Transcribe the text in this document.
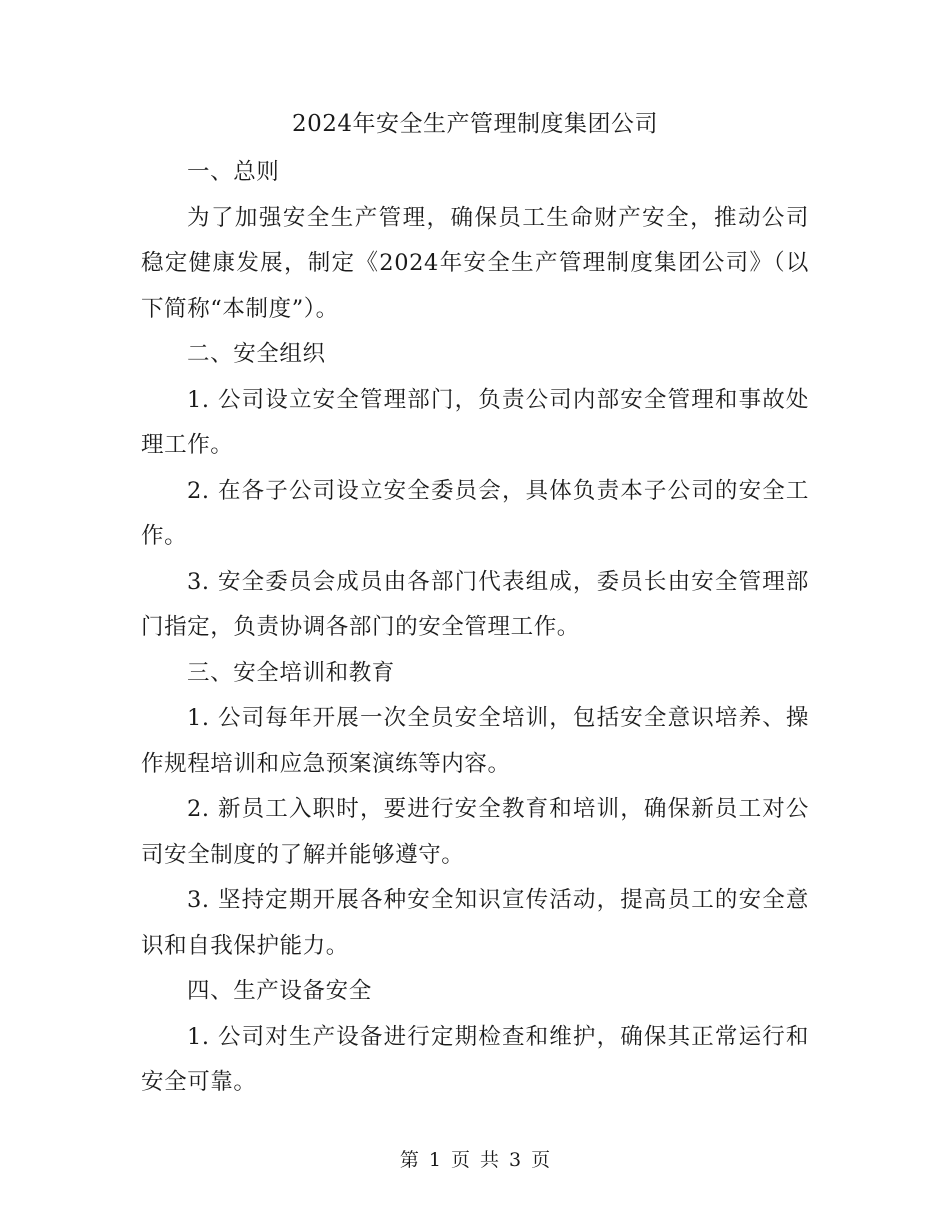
2024年安全生产管理制度集团公司

一、总则

为了加强安全生产管理，确保员工生命财产安全，推动公司稳定健康发展，制定《2024年安全生产管理制度集团公司》（以下简称“本制度”）。

二、安全组织

1. 公司设立安全管理部门，负责公司内部安全管理和事故处理工作。

2. 在各子公司设立安全委员会，具体负责本子公司的安全工作。

3. 安全委员会成员由各部门代表组成，委员长由安全管理部门指定，负责协调各部门的安全管理工作。

三、安全培训和教育

1. 公司每年开展一次全员安全培训，包括安全意识培养、操作规程培训和应急预案演练等内容。

2. 新员工入职时，要进行安全教育和培训，确保新员工对公司安全制度的了解并能够遵守。

3. 坚持定期开展各种安全知识宣传活动，提高员工的安全意识和自我保护能力。

四、生产设备安全

1. 公司对生产设备进行定期检查和维护，确保其正常运行和安全可靠。

第 1 页 共 3 页
